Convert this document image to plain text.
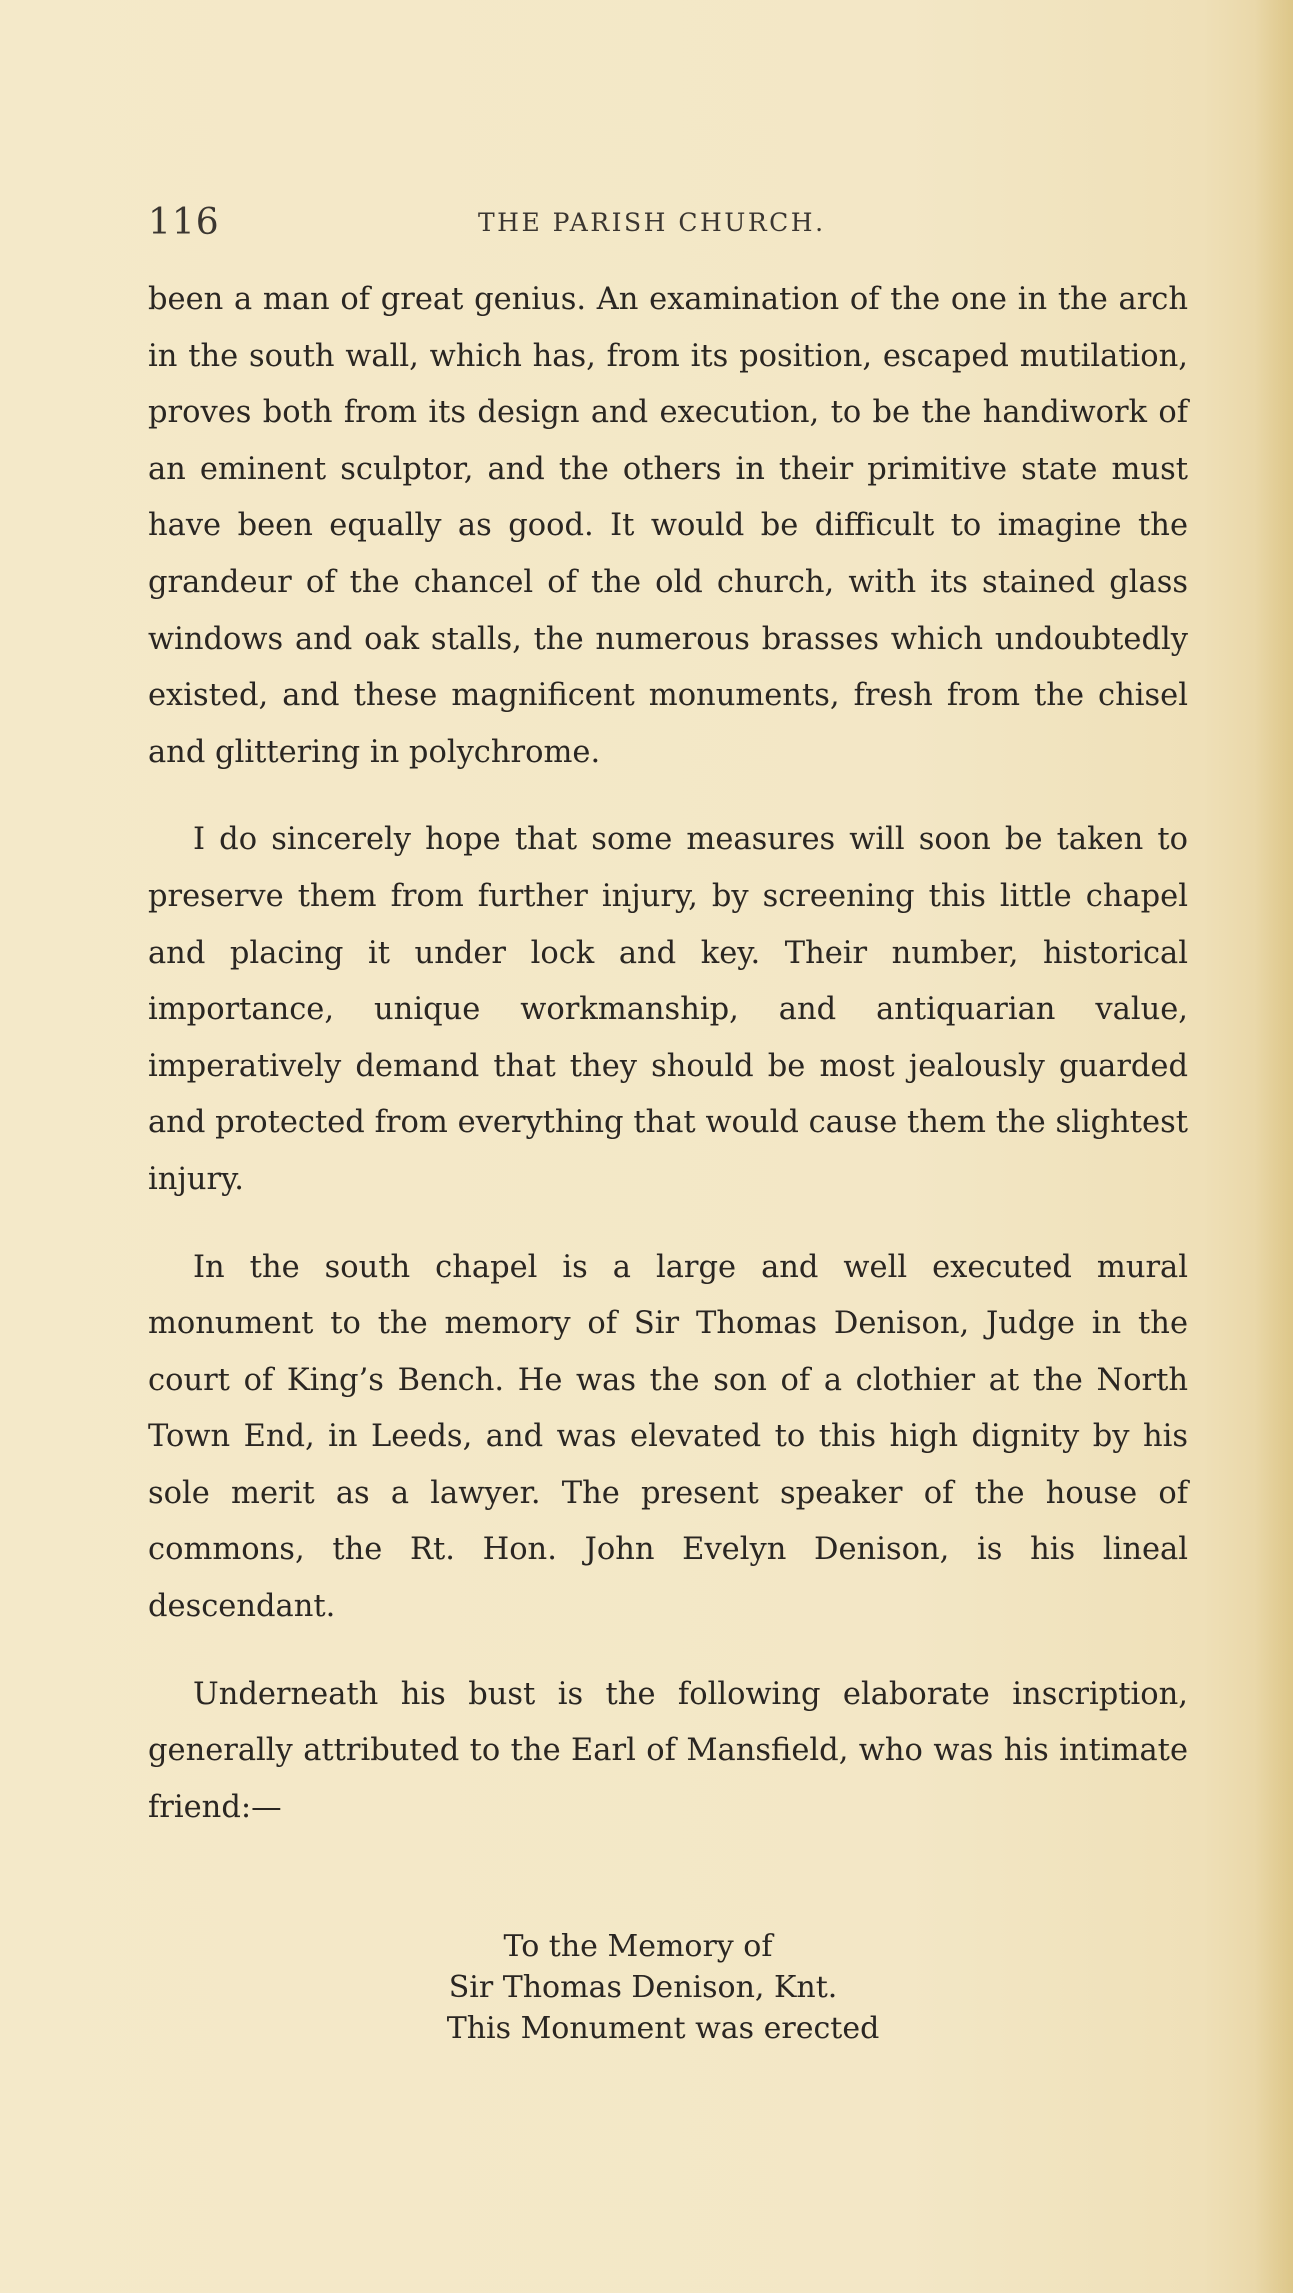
116	THE PARISH CHURCH.

been a man of great genius. An examination of the one in the arch in the south wall, which has, from its position, escaped mutilation, proves both from its design and execution, to be the handiwork of an eminent sculptor, and the others in their primitive state must have been equally as good. It would be difficult to imagine the grandeur of the chancel of the old church, with its stained glass windows and oak stalls, the numerous brasses which undoubtedly existed, and these magnificent monuments, fresh from the chisel and glittering in polychrome.

I do sincerely hope that some measures will soon be taken to preserve them from further injury, by screening this little chapel and placing it under lock and key. Their number, historical importance, unique workmanship, and antiquarian value, imperatively demand that they should be most jealously guarded and protected from everything that would cause them the slightest injury.

In the south chapel is a large and well executed mural monument to the memory of Sir Thomas Denison, Judge in the court of King’s Bench. He was the son of a clothier at the North Town End, in Leeds, and was elevated to this high dignity by his sole merit as a lawyer. The present speaker of the house of commons, the Rt. Hon. John Evelyn Denison, is his lineal descendant.

Underneath his bust is the following elaborate inscription, generally attributed to the Earl of Mansfield, who was his intimate friend:—

To the Memory of
Sir Thomas Denison, Knt.
This Monument was erected
